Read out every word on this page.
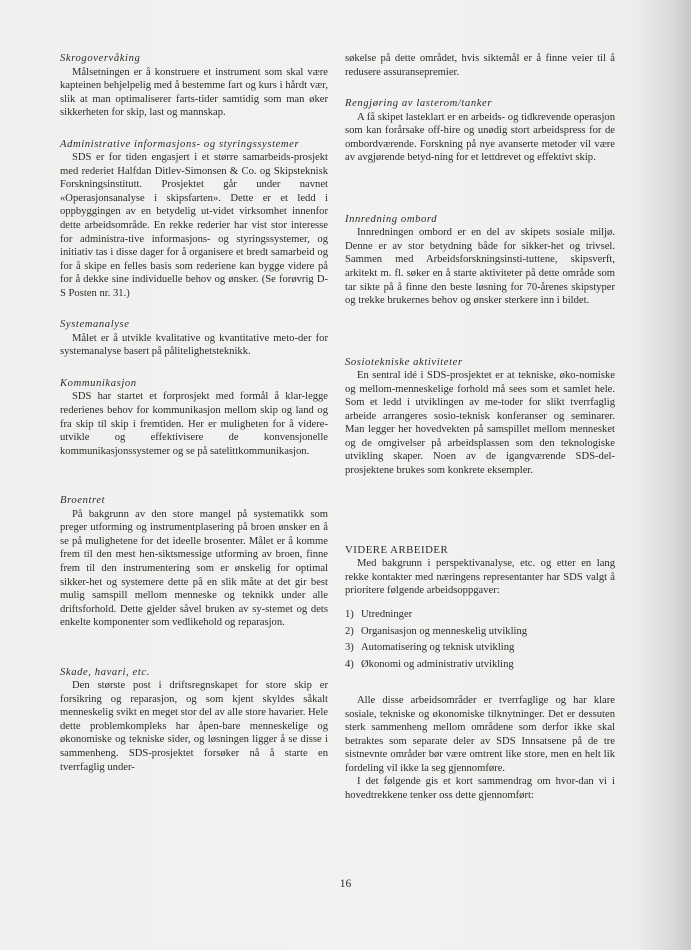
Skrogovervåking

Målsetningen er å konstruere et instrument som skal være kapteinen behjelpelig med å bestemme fart og kurs i hårdt vær, slik at man optimaliserer farts-tider samtidig som man øker sikkerheten for skip, last og mannskap.

Administrative informasjons- og styringssystemer

SDS er for tiden engasjert i et større samarbeids-prosjekt med rederiet Halfdan Ditlev-Simonsen & Co. og Skipsteknisk Forskningsinstitutt. Prosjektet går under navnet «Operasjonsanalyse i skipsfarten». Dette er et ledd i oppbyggingen av en betydelig ut-videt virksomhet innenfor dette arbeidsområde. En rekke rederier har vist stor interesse for administra-tive informasjons- og styringssystemer, og initiativ tas i disse dager for å organisere et bredt samarbeid og for å skipe en felles basis som rederiene kan bygge videre på for å dekke sine individuelle behov og ønsker. (Se forøvrig D-S Posten nr. 31.)

Systemanalyse

Målet er å utvikle kvalitative og kvantitative meto-der for systemanalyse basert på pålitelighetsteknikk.

Kommunikasjon

SDS har startet et forprosjekt med formål å klar-legge rederienes behov for kommunikasjon mellom skip og land og fra skip til skip i fremtiden. Her er muligheten for å videre-utvikle og effektivisere de konvensjonelle kommunikasjonssystemer og se på satelittkommunikasjon.

Broentret

På bakgrunn av den store mangel på systematikk som preger utforming og instrumentplasering på broen ønsker en å se på mulighetene for det ideelle brosenter. Målet er å komme frem til den mest hen-siktsmessige utforming av broen, finne frem til den instrumentering som er ønskelig for optimal sikker-het og systemere dette på en slik måte at det gir best mulig samspill mellom menneske og teknikk under alle driftsforhold. Dette gjelder såvel bruken av sy-stemet og dets enkelte komponenter som vedlikehold og reparasjon.

Skade, havari, etc.

Den største post i driftsregnskapet for store skip er forsikring og reparasjon, og som kjent skyldes såkalt menneskelig svikt en meget stor del av alle store havarier. Hele dette problemkompleks har åpen-bare menneskelige og økonomiske og tekniske sider, og løsningen ligger å se disse i sammenheng. SDS-prosjektet forsøker nå å starte en tverrfaglig under-

søkelse på dette området, hvis siktemål er å finne veier til å redusere assuransepremier.

Rengjøring av lasterom/tanker

A få skipet lasteklart er en arbeids- og tidkrevende operasjon som kan forårsake off-hire og unødig stort arbeidspress for de ombordværende. Forskning på nye avanserte metoder vil være av avgjørende betyd-ning for et lettdrevet og effektivt skip.

Innredning ombord

Innredningen ombord er en del av skipets sosiale miljø. Denne er av stor betydning både for sikker-het og trivsel. Sammen med Arbeidsforskningsinsti-tuttene, skipsverft, arkitekt m. fl. søker en å starte aktiviteter på dette område som tar sikte på å finne den beste løsning for 70-årenes skipstyper og trekke brukernes behov og ønsker sterkere inn i bildet.

Sosiotekniske aktiviteter

En sentral idé i SDS-prosjektet er at tekniske, øko-nomiske og mellom-menneskelige forhold må sees som et samlet hele. Som et ledd i utviklingen av me-toder for slikt tverrfaglig arbeide arrangeres sosio-teknisk konferanser og seminarer. Man legger her hovedvekten på samspillet mellom mennesket og de omgivelser på arbeidsplassen som den teknologiske utvikling skaper. Noen av de igangværende SDS-del-prosjektene brukes som konkrete eksempler.

VIDERE ARBEIDER

Med bakgrunn i perspektivanalyse, etc. og etter en lang rekke kontakter med næringens representanter har SDS valgt å prioritere følgende arbeidsoppgaver:

1) Utredninger
2) Organisasjon og menneskelig utvikling
3) Automatisering og teknisk utvikling
4) Økonomi og administrativ utvikling

Alle disse arbeidsområder er tverrfaglige og har klare sosiale, tekniske og økonomiske tilknytninger. Det er dessuten sterk sammenheng mellom områdene som derfor ikke skal betraktes som separate deler av SDS Innsatsene på de tre sistnevnte områder bør være omtrent like store, men en helt lik fordeling vil ikke la seg gjennomføre.

I det følgende gis et kort sammendrag om hvor-dan vi i hovedtrekkene tenker oss dette gjennomført:

16
